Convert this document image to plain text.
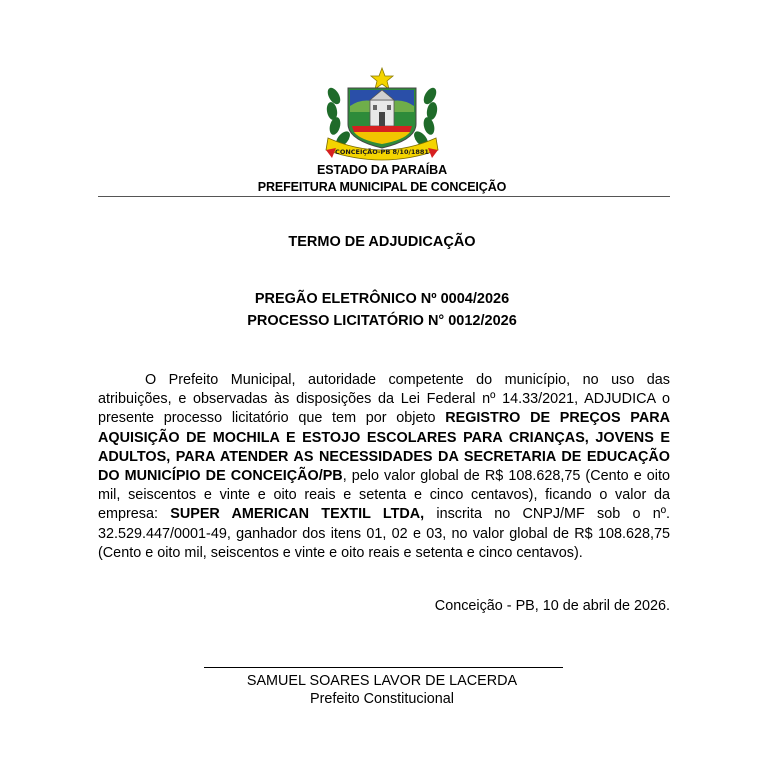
CONCEIÇÃO-PB 8/10/1881
ESTADO DA PARAÍBA
PREFEITURA MUNICIPAL DE CONCEIÇÃO
TERMO DE ADJUDICAÇÃO
PREGÃO ELETRÔNICO Nº 0004/2026
PROCESSO LICITATÓRIO N° 0012/2026

O Prefeito Municipal, autoridade competente do município, no uso das atribuições, e observadas às disposições da Lei Federal nº 14.33/2021, ADJUDICA o presente processo licitatório que tem por objeto REGISTRO DE PREÇOS PARA AQUISIÇÃO DE MOCHILA E ESTOJO ESCOLARES PARA CRIANÇAS, JOVENS E ADULTOS, PARA ATENDER AS NECESSIDADES DA SECRETARIA DE EDUCAÇÃO DO MUNICÍPIO DE CONCEIÇÃO/PB, pelo valor global de R$ 108.628,75 (Cento e oito mil, seiscentos e vinte e oito reais e setenta e cinco centavos), ficando o valor da empresa: SUPER AMERICAN TEXTIL LTDA, inscrita no CNPJ/MF sob o nº. 32.529.447/0001-49, ganhador dos itens 01, 02 e 03, no valor global de R$ 108.628,75 (Cento e oito mil, seiscentos e vinte e oito reais e setenta e cinco centavos).

Conceição - PB, 10 de abril de 2026.
SAMUEL SOARES LAVOR DE LACERDA
Prefeito Constitucional
